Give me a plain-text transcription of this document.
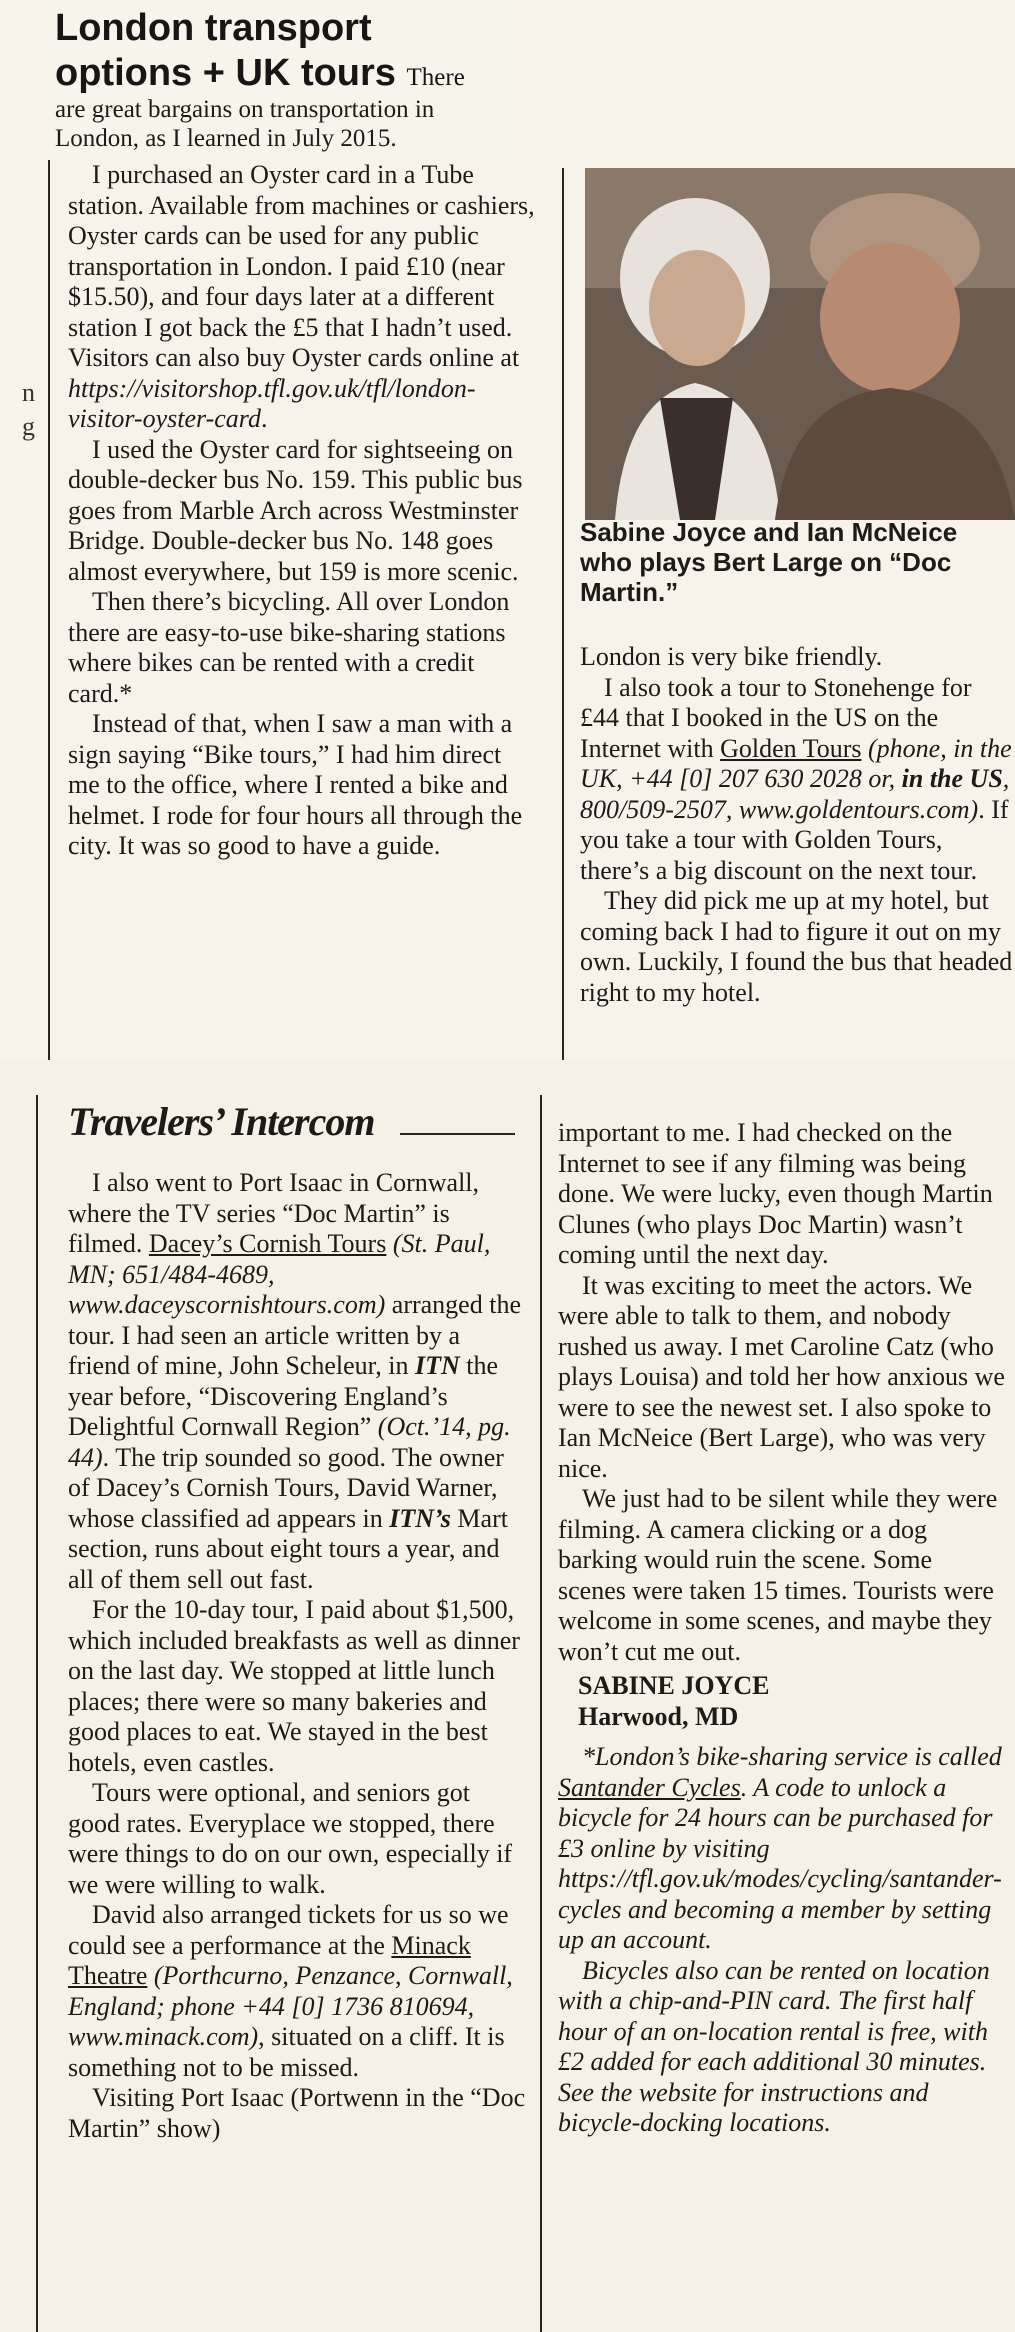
London transport
options + UK tours There
are great bargains on transportation in London, as I learned in July 2015.
n
g

I purchased an Oyster card in a Tube station. Available from machines or cashiers, Oyster cards can be used for any public transportation in London. I paid £10 (near $15.50), and four days later at a different station I got back the £5 that I hadn’t used. Visitors can also buy Oyster cards online at https://visitorshop.tfl.gov.uk/tfl/london-visitor-oyster-card.

I used the Oyster card for sightseeing on double-decker bus No. 159. This public bus goes from Marble Arch across Westminster Bridge. Double-decker bus No. 148 goes almost everywhere, but 159 is more scenic.

Then there’s bicycling. All over London there are easy-to-use bike-sharing stations where bikes can be rented with a credit card.*

Instead of that, when I saw a man with a sign saying “Bike tours,” I had him direct me to the office, where I rented a bike and helmet. I rode for four hours all through the city. It was so good to have a guide.

Sabine Joyce and Ian McNeice who plays Bert Large on “Doc Martin.”

London is very bike friendly.

I also took a tour to Stonehenge for £44 that I booked in the US on the Internet with Golden Tours (phone, in the UK, +44 [0] 207 630 2028 or, in the US, 800/509-2507, www.goldentours.com). If you take a tour with Golden Tours, there’s a big discount on the next tour.

They did pick me up at my hotel, but coming back I had to figure it out on my own. Luckily, I found the bus that headed right to my hotel.

Travelers’ Intercom

I also went to Port Isaac in Cornwall, where the TV series “Doc Martin” is filmed. Dacey’s Cornish Tours (St. Paul, MN; 651/484-4689, www.daceyscornishtours.com) arranged the tour. I had seen an article written by a friend of mine, John Scheleur, in ITN the year before, “Discovering England’s Delightful Cornwall Region” (Oct.’14, pg. 44). The trip sounded so good. The owner of Dacey’s Cornish Tours, David Warner, whose classified ad appears in ITN’s Mart section, runs about eight tours a year, and all of them sell out fast.

For the 10-day tour, I paid about $1,500, which included breakfasts as well as dinner on the last day. We stopped at little lunch places; there were so many bakeries and good places to eat. We stayed in the best hotels, even castles.

Tours were optional, and seniors got good rates. Everyplace we stopped, there were things to do on our own, especially if we were willing to walk.

David also arranged tickets for us so we could see a performance at the Minack Theatre (Porthcurno, Penzance, Cornwall, England; phone +44 [0] 1736 810694, www.minack.com), situated on a cliff. It is something not to be missed.

Visiting Port Isaac (Portwenn in the “Doc Martin” show)

important to me. I had checked on the Internet to see if any filming was being done. We were lucky, even though Martin Clunes (who plays Doc Martin) wasn’t coming until the next day.

It was exciting to meet the actors. We were able to talk to them, and nobody rushed us away. I met Caroline Catz (who plays Louisa) and told her how anxious we were to see the newest set. I also spoke to Ian McNeice (Bert Large), who was very nice.

We just had to be silent while they were filming. A camera clicking or a dog barking would ruin the scene. Some scenes were taken 15 times. Tourists were welcome in some scenes, and maybe they won’t cut me out.

SABINE JOYCE
Harwood, MD

*London’s bike-sharing service is called Santander Cycles. A code to unlock a bicycle for 24 hours can be purchased for £3 online by visiting https://tfl.gov.uk/modes/cycling/santander-cycles and becoming a member by setting up an account.

Bicycles also can be rented on location with a chip-and-PIN card. The first half hour of an on-location rental is free, with £2 added for each additional 30 minutes. See the website for instructions and bicycle-docking locations.
